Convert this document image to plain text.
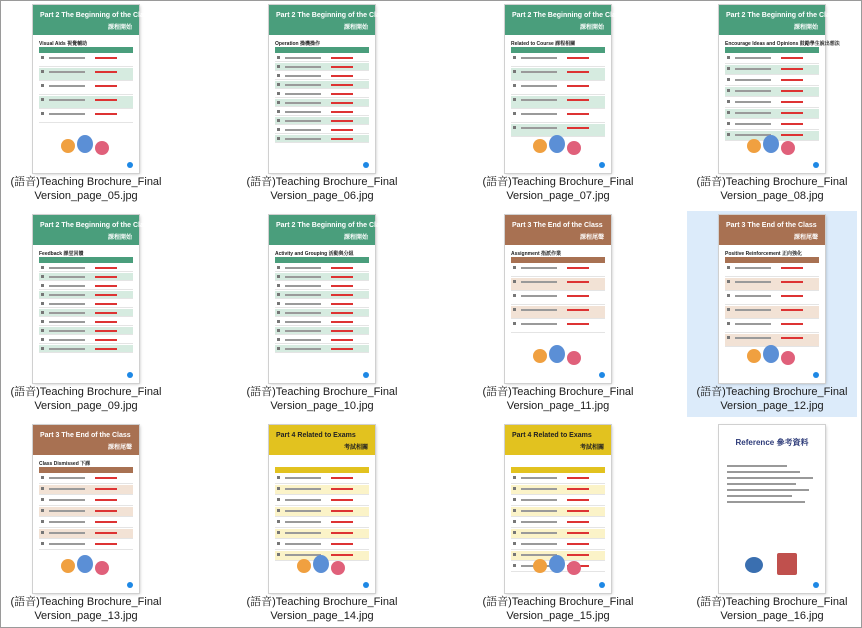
Part 2 The Beginning of the Class
課程開始
Visual Aids 視覺輔助
(語音)Teaching Brochure_Final
Version_page_05.jpg
Part 2 The Beginning of the Class
課程開始
Operation 操機操作
(語音)Teaching Brochure_Final
Version_page_06.jpg
Part 2 The Beginning of the Class
課程開始
Related to Course 課程相關
(語音)Teaching Brochure_Final
Version_page_07.jpg
Part 2 The Beginning of the Class
課程開始
Encourage Ideas and Opinions 鼓勵學生說出想法
(語音)Teaching Brochure_Final
Version_page_08.jpg
Part 2 The Beginning of the Class
課程開始
Feedback 課堂回饋
(語音)Teaching Brochure_Final
Version_page_09.jpg
Part 2 The Beginning of the Class
課程開始
Activity and Grouping 活動與分組
(語音)Teaching Brochure_Final
Version_page_10.jpg
Part 3 The End of the Class
課程尾聲
Assignment 指派作業
(語音)Teaching Brochure_Final
Version_page_11.jpg
Part 3 The End of the Class
課程尾聲
Positive Reinforcement 正向強化
(語音)Teaching Brochure_Final
Version_page_12.jpg
Part 3 The End of the Class
課程尾聲
Class Dismissed 下課
(語音)Teaching Brochure_Final
Version_page_13.jpg
Part 4 Related to Exams
考試相關
(語音)Teaching Brochure_Final
Version_page_14.jpg
Part 4 Related to Exams
考試相關
(語音)Teaching Brochure_Final
Version_page_15.jpg
Reference 參考資料
(語音)Teaching Brochure_Final
Version_page_16.jpg
